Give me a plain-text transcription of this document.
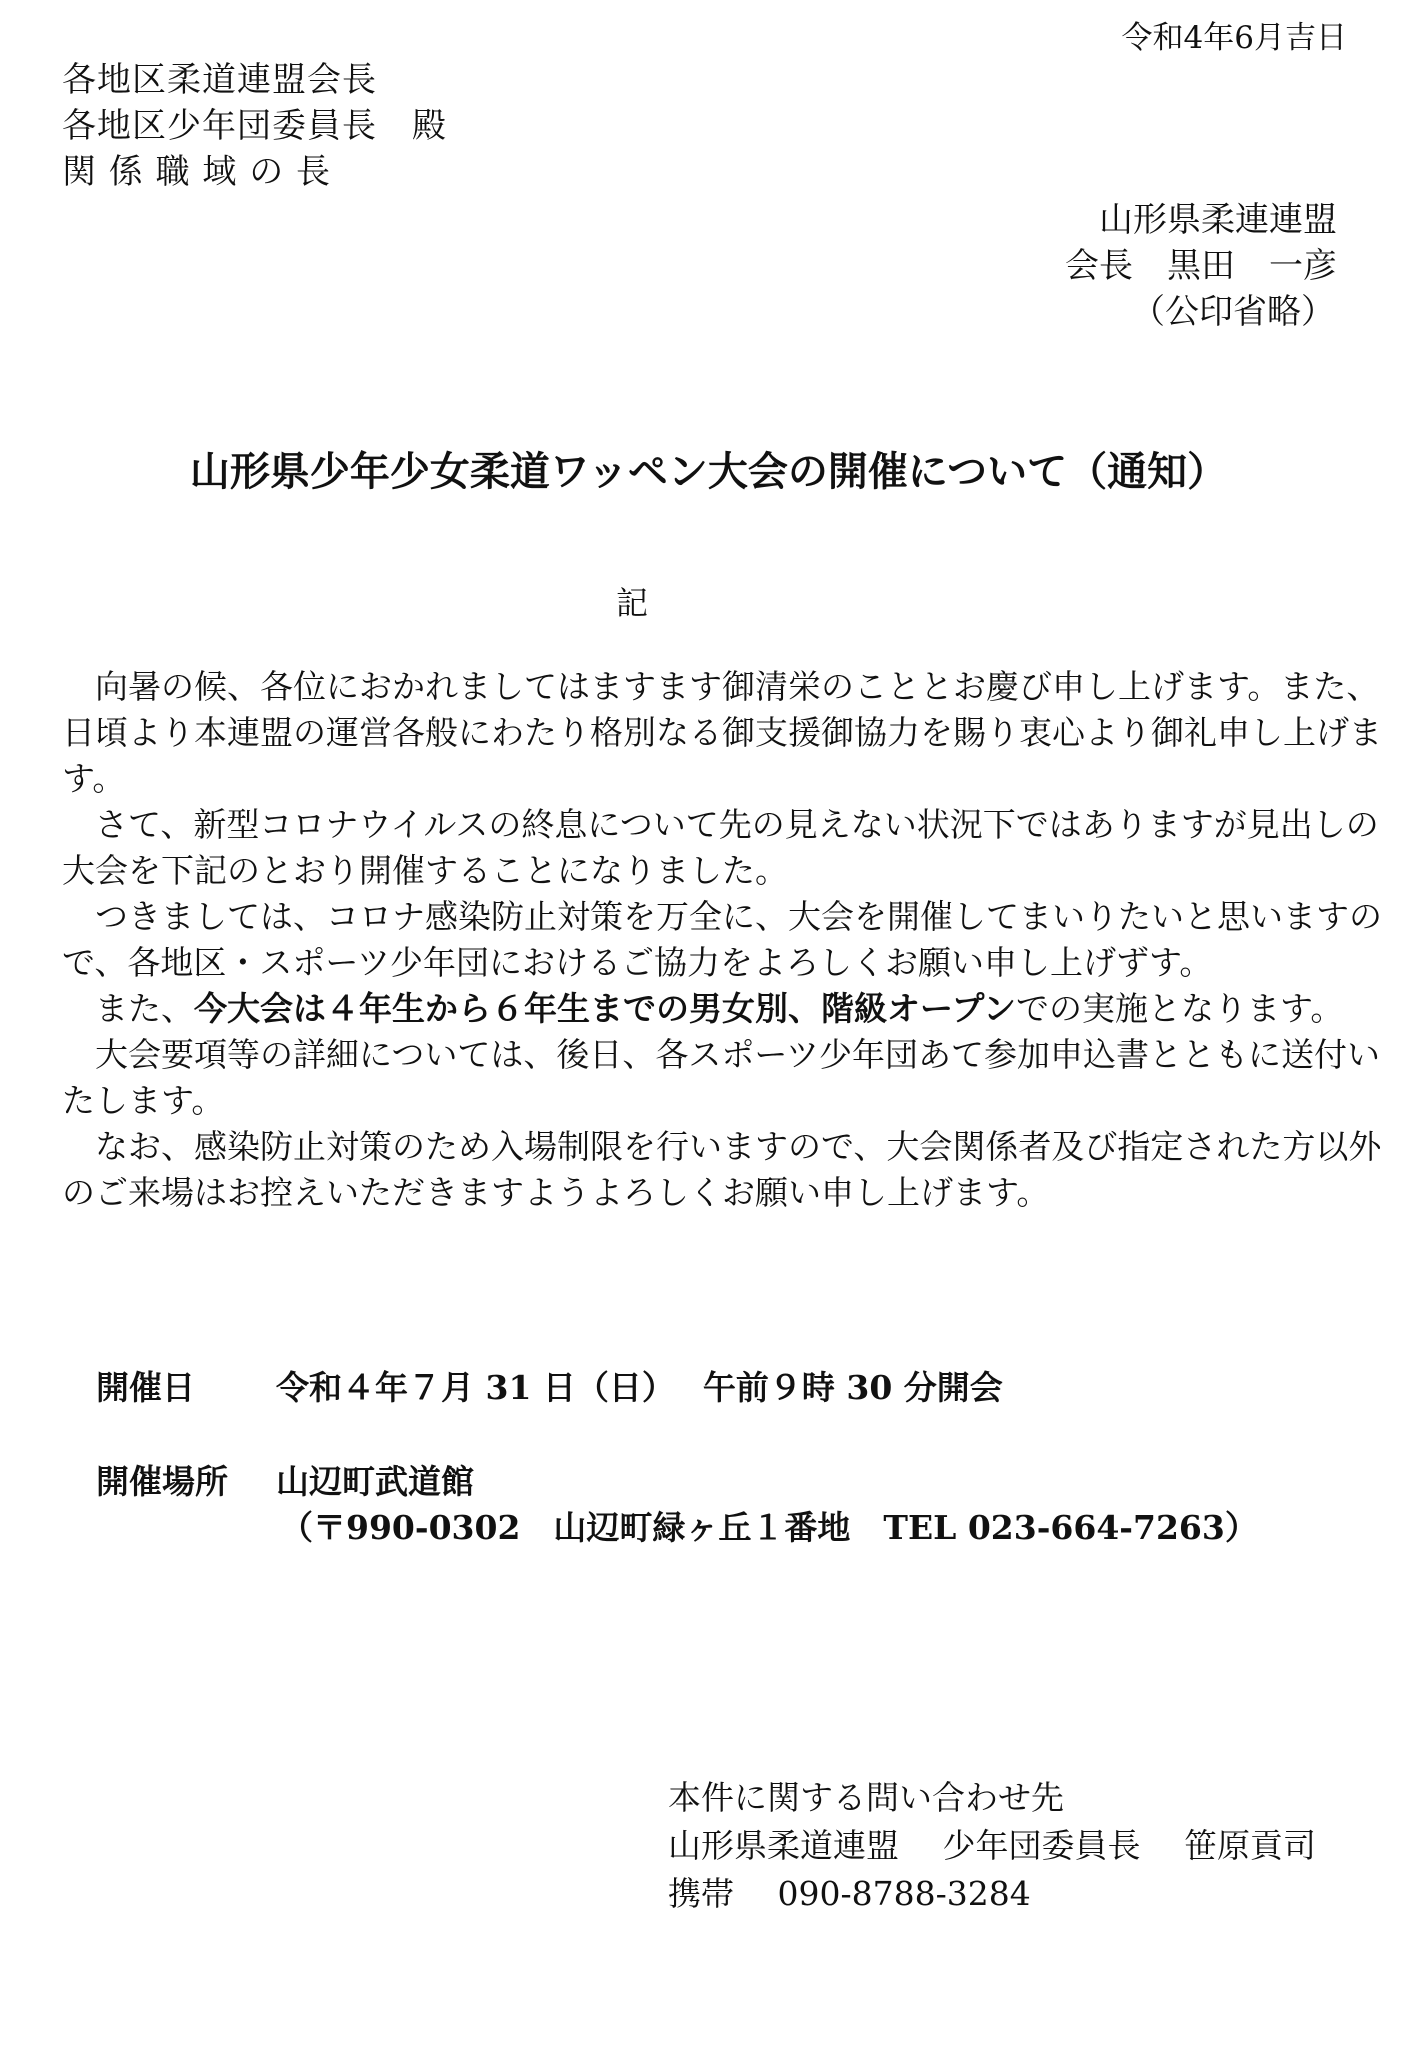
令和4年6月吉日
各地区柔道連盟会長
各地区少年団委員長　殿
関 係 職 域 の 長
山形県柔連連盟
会長　黒田　一彦
（公印省略）
山形県少年少女柔道ワッペン大会の開催について（通知）
記

　向暑の候、各位におかれましてはますます御清栄のこととお慶び申し上げます。また、日頃より本連盟の運営各般にわたり格別なる御支援御協力を賜り衷心より御礼申し上げます。

　さて、新型コロナウイルスの終息について先の見えない状況下ではありますが見出しの大会を下記のとおり開催することになりました。

　つきましては、コロナ感染防止対策を万全に、大会を開催してまいりたいと思いますので、各地区・スポーツ少年団におけるご協力をよろしくお願い申し上げずす。

　また、今大会は４年生から６年生までの男女別、階級オープンでの実施となります。

　大会要項等の詳細については、後日、各スポーツ少年団あて参加申込書とともに送付いたします。

　なお、感染防止対策のため入場制限を行いますので、大会関係者及び指定された方以外のご来場はお控えいただきますようよろしくお願い申し上げます。

開催日 令和４年７月 31 日（日）　 午前９時 30 分開会
開催場所 山辺町武道館
（〒990-0302　山辺町緑ヶ丘１番地　TEL 023-664-7263）
本件に関する問い合わせ先
山形県柔道連盟　 少年団委員長　 笹原貢司
携帯　 090-8788-3284
